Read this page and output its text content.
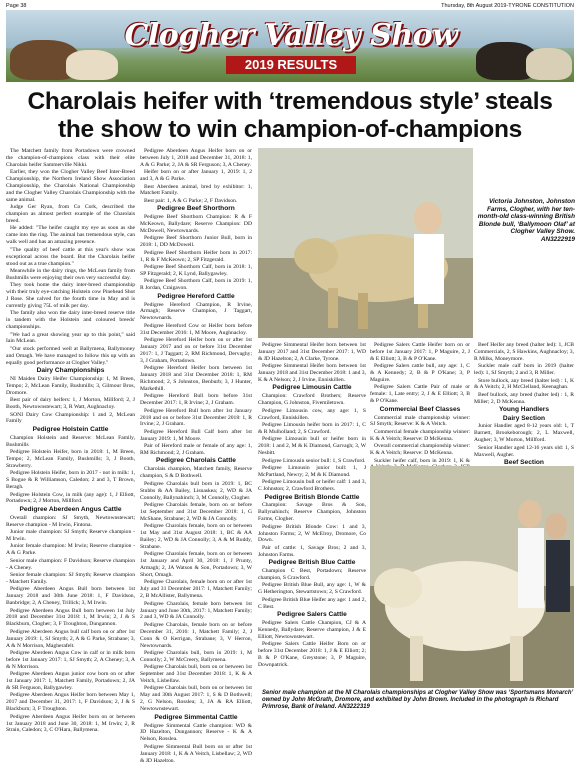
Page 38	Thursday, 8th August 2019-TYRONE CONSTITUTION
Clogher Valley Show
2019 RESULTS
Charolais heifer with ‘tremendous style’ steals the show to win champion-of-champions

The Matchett family from Portadown were crowned the champion-of-champions class with their elite Charolais heifer Sammerville Nikki.

Earlier, they won the Clogher Valley Beef Inter-Breed Championship, the Northern Ireland Show Association Championship, the Charolais National Championship and the Clogher Valley Charolais Championship with the same animal.

Judge Ger Ryan, from Co Cork, described the champion as almost perfect example of the Charolais breed.

He added: "The heifer caught my eye as soon as she came into the ring. The animal has tremendous style, can walk well and has an amazing presence.

"The quality of beef cattle at this year's show was exceptional across the board. But the Charolais heifer stood out as a true champion."

Meanwhile in the dairy rings, the McLean family from Bushmills were enjoying their own very successful day.

They took home the dairy inter-breed championship with their truly eye-catching Holstein cow Pinehead Shot J Rose. She calved for the fourth time in May and is currently giving 75L of milk per day.

The family also won the dairy inter-breed reserve title in tandem with the Holstein and coloured breeds' championships.

"We had a great showing year up to this point," said Iain McLean.

"Our stock performed well at Ballymena, Ballymoney and Omagh. We have managed to follow this up with an equally good performance at Clogher Valley."

Dairy Championships

NI Maiden Dairy Heifer Championship: 1, M Breen, Tempo; 2, McLean Family, Bushmills; 3, Gilmour Bros, Dromore.

Best pair of dairy heifers: 1, J Morton, Millford; 2, J Booth, Newtownstewart; 3, R Watt, Aughnacloy.

SONI Dairy Cow Championship: 1 and 2, McLean Family

Pedigree Holstein Cattle

Champion Holstein and Reserve: McLean Family, Bushmills

Pedigree Holstein Heifer, born in 2018: 1, M Breen, Tempo; 2, McLean Family, Bushmills; 3, J Booth, Strawberry.

Pedigree Holstein Heifer, born in 2017 - not in milk: 1, S Bogue & R Williamson, Caledon; 2 and 3, T Brown, Beragh.

Pedigree Holstein Cow, in milk (any age): 1, J Elliott, Portadown; 2, J Morton, Millford.

Pedigree Aberdeen Angus Cattle

Overall champion: SJ Smyth, Newtownstewart; Reserve champion - M Irwin, Fintona.

Junior male champion: SJ Smyth; Reserve champion - M Irwin.

Junior female champion: M Irwin; Reserve champion - A & G Parke.

Senior male champion: F Davidson; Reserve champion - A Cheney.

Senior female champion: SJ Smyth; Reserve champion - Matchett Family.

Pedigree Aberdeen Angus Bull born between 1st January 2018 and 30th June 2018: 1, F Davidson, Banbridge; 2, A Cheney, Trillick; 3, M Irwin.

Pedigree Aberdeen Angus Bull born between 1st July 2018 and December 31st 2018: 1, M Irwin; 2, J & S Blackburn, Clogher; 3, F Troughton, Dungannon.

Pedigree Aberdeen Angus bull calf born on or after 1st January 2019: 1, SJ Smyth; 2, A & G Parke, Strabane; 3, A & N Morrison, Magherafelt.

Pedigree Aberdeen Angus Cow in calf or in milk born before 1st January 2017: 1, SJ Smyth; 2, A Cheney; 3, A & N Morrison.

Pedigree Aberdeen Angus junior cow born on or after 1st January 2017: 1, Matchett Family, Portadown; 2, JA & SR Ferguson, Ballygawley.

Pedigree Aberdeen Angus Heifer born between May 1, 2017 and December 31, 2017: 1, F Davidson; 2, J & S Blackburn; 3, F Troughton.

Pedigree Aberdeen Angus Heifer born on or between 1st January 2018 and June 30, 2018: 1, M Irwin; 2, R Strain, Caledon; 3, C O'Hara, Ballymena.

Pedigree Aberdeen Angus Heifer born on or between July 1, 2018 and December 31, 2018: 1, A & G Parke; 2, JA & SR Ferguson; 3, A Cheney.

Heifer born on or after January 1, 2019: 1, 2 and 3, A & G Parke.

Best Aberdeen animal, bred by exhibitor: 1, Matchett Family.

Best pair: 1, A & G Parke; 2, F Davidson.

Pedigree Beef Shorthorn

Pedigree Beef Shorthorn Champion: R & F McKeown, Ballydare; Reserve Champion: DD McDowell, Newtownards.

Pedigree Beef Shorthorn Junior Bull, born in 2018: 1, DD McDowell.

Pedigree Beef Shorthorn Heifer born in 2017: 1, R & F McKeown; 2, SP Fitzgerald.

Pedigree Beef Shorthorn Calf, born in 2018: 1, SP Fitzgerald; 2, K Lynd, Ballygawley.

Pedigree Beef Shorthorn Calf, born in 2019: 1, R Jordan, Craigavon.

Pedigree Hereford Cattle

Pedigree Hereford Champion, R Irvine, Armagh; Reserve Champion, J Taggart, Newtownards.

Pedigree Hereford Cow or Heifer born before 31st December 2016: 1, M Moore, Aughnacloy.

Pedigree Hereford Heifer born on or after 1st January 2017 and on or before 31st December 2017: 1, J Taggart; 2, RM Richmond, Dervaghy; 3, J Graham, Portadown.

Pedigree Hereford Heifer born between 1st January 2018 and 31st December 2018: 1, RM Richmond; 2, S Johnston, Benburb; 3, J Hunter, Markethill.

Pedigree Hereford Bull born before 31st December 2017: 1, R Irvine; 2, J Graham.

Pedigree Hereford Bull born after 1st January 2018 and on or before 31st December 2018: 1, R Irvine; 2, J Graham.

Pedigree Hereford Bull Calf born after 1st January 2019: 1, M Moore.

Pair of Hereford male or female of any age: 1, RM Richmond; 2, J Graham.

Pedigree Charolais Cattle

Charolais champion, Matchett family, Reserve champion, S & D Bothwell.

Pedigree Charolais bull born in 2019: 1, BC Stubbs & AA Bailey, Lisnaskea; 2, WD & JA Connolly, Ballynahinch; 3, M Connolly, Clogher.

Pedigree Charolais female, born on or before 1st September and 31st December 2018: 1, G McShane, Strabane; 2, WD & JA Connolly.

Pedigree Charolais female, born on or between 1st May and 31st August 2018: 1, BC & AA Bailey; 2, WD & JA Connolly; 3, A & M Ruddy, Strabane.

Pedigree Charolais female, born on or between 1st January and April 30, 2018: 1, J Prunty, Armagh; 2, JA Watson & Son, Portadown; 3, W Short, Omagh.

Pedigree Charolais, female born on or after 1st July and 31 December 2017: 1, Matchett Family; 2, B McAllister, Ballymena.

Pedigree Charolais, female born between 1st January and June 30th, 2017: 1, Matchett Family; 2 and 3, WD & JA Connolly.

Pedigree Charolais, female born on or before December 31, 2016: 1, Matchett Family; 2, J Conn & O Kerrigan, Strabane; 3, V Herron, Newtownards.

Pedigree Charolais bull, born in 2019: 1, M Connolly; 2, W McCreery, Ballymena.

Pedigree Charolais bull, born on or between 1st September and 31st December 2018: 1, K & A Veitch, Lisbellaw.

Pedigree Charolais bull, born on or between 1st May and 30th August 2017: 1, S & D Bothwell; 2, G Nelson, Rosslea; 3, JA & RA Elliott, Newtownstewart.

Pedigree Simmental Cattle

Pedigree Simmental Cattle champion: WD & JD Hazelton, Dungannon; Reserve - K & A Nelson, Rosslea.

Pedigree Simmental Bull born on or after 1st January 2018: 1, K & A Veitch, Lisbellaw; 2, WD & JD Hazelton.

Victoria Johnston, Johnston Farms, Clogher, with her ten-month-old class-winning British Blonde bull, ‘Ballymoon Olaf’ at Clogher Valley Show. AN3222919

Pedigree Simmental Heifer born between 1st January 2017 and 31st December 2017: 1, WD & JD Hazelton; 2, A Clarke, Tyrone.

Pedigree Simmental Heifer born between 1st January 2018 and 31st December 2018: 1 and 3, K & A Nelson; 2, J Irvine, Enniskillen.

Pedigree Limousin Cattle

Champion: Crawford Brothers; Reserve Champion, G Johnston, Fivemiletown.

Pedigree Limousin cow, any age: 1, S Crawford, Enniskillen.

Pedigree Limousin heifer born in 2017: 1, C & R Mulholland; 2, S Crawford.

Pedigree Limousin bull or heifer born in 2018: 1 and 2, M & K Diamond, Garvagh; 3, W Nesbitt.

Pedigree Limousin senior bull: 1, S Crawford.

Pedigree Limousin junior bull: 1, J McPartland, Newry; 2, M & K Diamond.

Pedigree Limousin bull or heifer calf: 1 and 3, C Johnston; 2, Crawford Brothers.

Pedigree British Blonde Cattle

Champion: Savage Bros & Son, Ballynahinch; Reserve Champion, Johnston Farms, Clogher.

Pedigree British Blonde Cow: 1 and 3, Johnston Farms; 2, W McElroy, Dromore, Co Down.

Pair of cattle: 1, Savage Bros; 2 and 3, Johnston Farms.

Pedigree British Blue Cattle

Champion C Best, Portadown; Reserve champion, S Crawford.

Pedigree British Blue Bull, any age: 1, W & G Hetherington, Stewartstown; 2, S Crawford.

Pedigree British Blue Heifer any age: 1 and 2, C Best.

Pedigree Salers Cattle

Pedigree Salers Cattle Champion, CJ & A Kennedy, Ballydare; Reserve champion, J & E Elliott, Newtownstewart.

Pedigree Salers Cattle Heifer Born on or before 31st December 2018: 1, J & E Elliott; 2; B & P O'Kane, Greystone; 3, P Maguire, Downpatrick.

Pedigree Salers Cattle Heifer born on or before 1st January 2017: 1, P Maguire, 2, J & E Elliott; 3, B & P O'Kane.

Pedigree Salers cattle bull, any age: 1, C & A Kennedy; 2, B & P O'Kane; 3, P Maguire.

Pedigree Salers Cattle Pair of male or female: 1, Late entry; 2, J & E Elliott; 3, B & P O'Kane.

Commercial Beef Classes

Commercial male championship winner: SJ Smyth; Reserve: K & A Veitch.

Commercial female championship winner: K & A Veitch; Reserve: D McKenna.

Overall commercial championship winner: K & A Veitch; Reserve: D McKenna.

Suckler heifer calf, born in 2019: 1, K &

Beef Heifer any breed (halter led): 1, JCB Commercials, 2, S Hawkins, Aughnacloy; 3, R Milks, Moneymore.

Suckler male calf born in 2019 (halter led): 1, SJ Smyth; 2 and 3, R Miller.

Store bullock, any breed (halter led) : 1, K & A Veitch; 2, H McClelland, Keenaghan.

Beef bullock, any breed (halter led) : 1, R Miller; 2, D McKenna.

Young Handlers
Dairy Section

Junior Handler aged 8-12 years old: 1, T Barnett, Brookeborough; 2, L Maxwell, Augher; 3, W Morton, Millford.

Senior Handler aged 12-16 years old: 1, S Maxwell, Augher.

Beef Section

Senior male champion at the NI Charolais championships at Clogher Valley Show was ‘Sportsmans Monarch’ owned by John McGrath, Dromore, and exhibited by John Brown. Included in the photograph is Richard Primrose, Bank of Ireland. AN3222319
